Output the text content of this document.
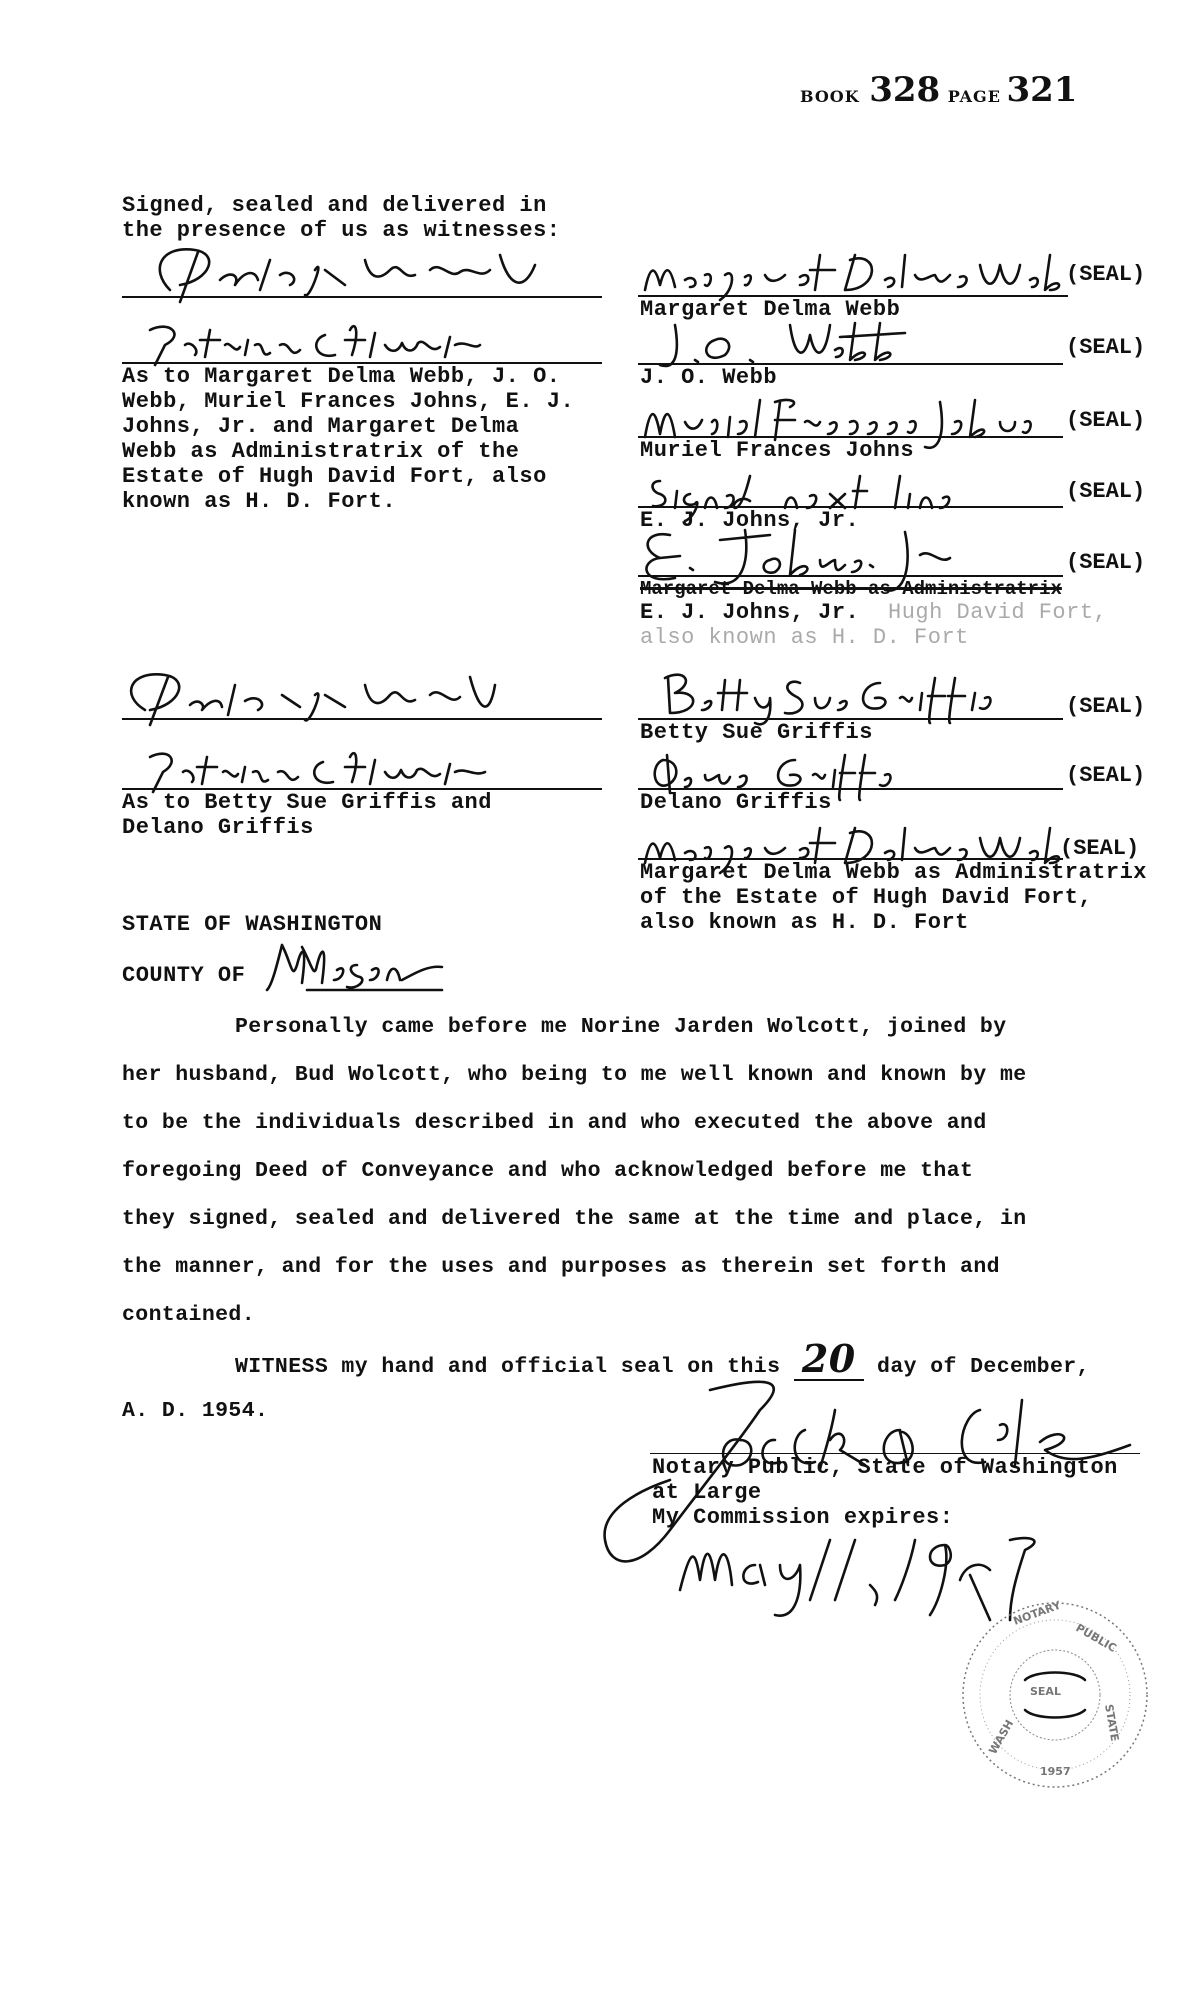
BOOK 328 PAGE 321
Signed, sealed and delivered in
the presence of us as witnesses:
As to Margaret Delma Webb, J. O.
Webb, Muriel Frances Johns, E. J.
Johns, Jr. and Margaret Delma
Webb as Administratrix of the
Estate of Hugh David Fort, also
known as H. D. Fort.
(SEAL)
Margaret Delma Webb
(SEAL)
J. O. Webb
(SEAL)
Muriel Frances Johns
(SEAL)
E. J. Johns, Jr.
(SEAL)
Margaret Delma Webb as Administratrix
E. J. Johns, Jr. Hugh David Fort,
also known as H. D. Fort
As to Betty Sue Griffis and
Delano Griffis
(SEAL)
Betty Sue Griffis
(SEAL)
Delano Griffis
(SEAL)
Margaret Delma Webb as Administratrix
of the Estate of Hugh David Fort,
also known as H. D. Fort
STATE OF WASHINGTON
COUNTY OF
Personally came before me Norine Jarden Wolcott, joined by
her husband, Bud Wolcott, who being to me well known and known by me
to be the individuals described in and who executed the above and
foregoing Deed of Conveyance and who acknowledged before me that
they signed, sealed and delivered the same at the time and place, in
the manner, and for the uses and purposes as therein set forth and
contained.
WITNESS my hand and official seal on this 20 day of December,
A. D. 1954.
Notary Public, State of Washington
at Large
My Commission expires:
NOTARY
PUBLIC
STATE
WASH
SEAL
1957
